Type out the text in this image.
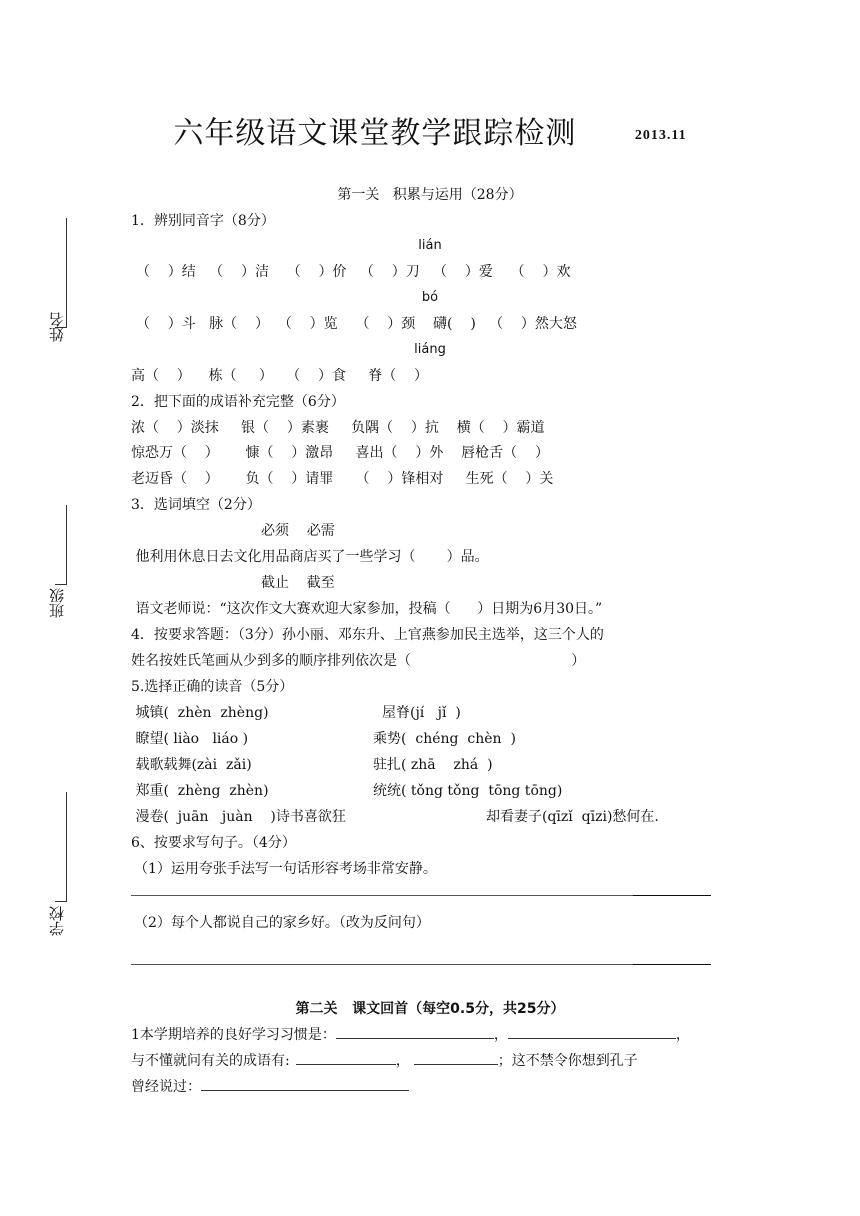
姓名
班级
学校
六年级语文课堂教学跟踪检测	2013.11
第一关   积累与运用（28分）
1．辨别同音字（8分）
lián
（    ）结   （    ）洁    （    ）价   （    ）刀   （    ）爱    （    ）欢
bó
（    ）斗   脉（    ）  （    ）览    （    ）颈    礴(    )   （    ）然大怒
liáng
高（    ）    栋（     ）   （    ）食     脊（    ）
2．把下面的成语补充完整（6分）
浓（    ）淡抹     银（    ）素裹     负隅（    ）抗    横（    ）霸道
惊恐万（    ）      慷（    ）激昂     喜出（    ）外    唇枪舌（    ）
老迈昏（    ）      负（    ）请罪     （    ）锋相对     生死（    ）关
3．选词填空（2分）
必须    必需
他利用休息日去文化用品商店买了一些学习（       ）品。
截止    截至
语文老师说：“这次作文大赛欢迎大家参加，投稿（      ）日期为6月30日。”
4．按要求答题：（3分）孙小丽、邓东升、上官燕参加民主选举，这三个人的
姓名按姓氏笔画从少到多的顺序排列依次是（                                    ）
5.选择正确的读音（5分）
城镇(  zhèn  zhèng)	屋脊(jí   jǐ  )
瞭望( liào   liáo )	乘势(  chéng  chèn  )
载歌载舞(zài  zǎi)	驻扎( zhā    zhá  )
郑重(  zhèng  zhèn)	统统( tǒng tǒng  tōng tōng)
漫卷(  juān   juàn    )诗书喜欲狂	却看妻子(qīzǐ  qīzi)愁何在.
6、按要求写句子。（4分）
（1）运用夸张手法写一句话形容考场非常安静。
（2）每个人都说自己的家乡好。（改为反问句）
第二关   课文回首（每空0.5分，共25分）
1本学期培养的良好学习习惯是：	，	，
与不懂就问有关的成语有:	，	；这不禁令你想到孔子
曾经说过：
